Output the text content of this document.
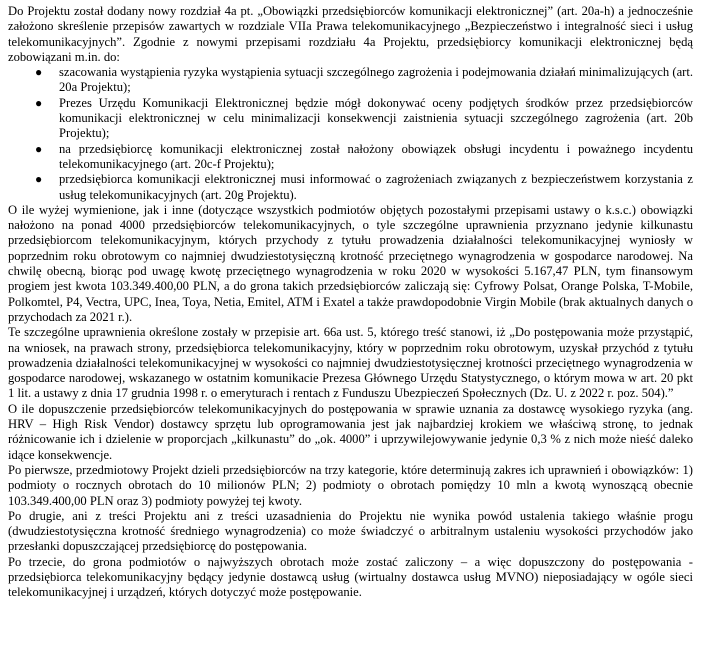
Do Projektu został dodany nowy rozdział 4a pt. „Obowiązki przedsiębiorców komunikacji elektronicznej” (art. 20a-h) a jednocześnie założono skreślenie przepisów zawartych w rozdziale VIIa Prawa telekomunikacyjnego „Bezpieczeństwo i integralność sieci i usług telekomunikacyjnych”. Zgodnie z nowymi przepisami rozdziału 4a Projektu, przedsiębiorcy komunikacji elektronicznej będą zobowiązani m.in. do:

● szacowania wystąpienia ryzyka wystąpienia sytuacji szczególnego zagrożenia i podejmowania działań minimalizujących (art. 20a Projektu);
● Prezes Urzędu Komunikacji Elektronicznej będzie mógł dokonywać oceny podjętych środków przez przedsiębiorców komunikacji elektronicznej w celu minimalizacji konsekwencji zaistnienia sytuacji szczególnego zagrożenia (art. 20b Projektu);
● na przedsiębiorcę komunikacji elektronicznej został nałożony obowiązek obsługi incydentu i poważnego incydentu telekomunikacyjnego (art. 20c-f Projektu);
● przedsiębiorca komunikacji elektronicznej musi informować o zagrożeniach związanych z bezpieczeństwem korzystania z usług telekomunikacyjnych (art. 20g Projektu).

O ile wyżej wymienione, jak i inne (dotyczące wszystkich podmiotów objętych pozostałymi przepisami ustawy o k.s.c.) obowiązki nałożono na ponad 4000 przedsiębiorców telekomunikacyjnych, o tyle szczególne uprawnienia przyznano jedynie kilkunastu przedsiębiorcom telekomunikacyjnym, których przychody z tytułu prowadzenia działalności telekomunikacyjnej wyniosły w poprzednim roku obrotowym co najmniej dwudziestotysięczną krotność przeciętnego wynagrodzenia w gospodarce narodowej. Na chwilę obecną, biorąc pod uwagę kwotę przeciętnego wynagrodzenia w roku 2020 w wysokości 5.167,47 PLN, tym finansowym progiem jest kwota 103.349.400,00 PLN, a do grona takich przedsiębiorców zaliczają się: Cyfrowy Polsat, Orange Polska, T-Mobile, Polkomtel, P4, Vectra, UPC, Inea, Toya, Netia, Emitel, ATM i Exatel a także prawdopodobnie Virgin Mobile (brak aktualnych danych o przychodach za 2021 r.).

Te szczególne uprawnienia określone zostały w przepisie art. 66a ust. 5, którego treść stanowi, iż „Do postępowania może przystąpić, na wniosek, na prawach strony, przedsiębiorca telekomunikacyjny, który w poprzednim roku obrotowym, uzyskał przychód z tytułu prowadzenia działalności telekomunikacyjnej w wysokości co najmniej dwudziestotysięcznej krotności przeciętnego wynagrodzenia w gospodarce narodowej, wskazanego w ostatnim komunikacie Prezesa Głównego Urzędu Statystycznego, o którym mowa w art. 20 pkt 1 lit. a ustawy z dnia 17 grudnia 1998 r. o emeryturach i rentach z Funduszu Ubezpieczeń Społecznych (Dz. U. z 2022 r. poz. 504).”

O ile dopuszczenie przedsiębiorców telekomunikacyjnych do postępowania w sprawie uznania za dostawcę wysokiego ryzyka (ang. HRV – High Risk Vendor) dostawcy sprzętu lub oprogramowania jest jak najbardziej krokiem we właściwą stronę, to jednak różnicowanie ich i dzielenie w proporcjach „kilkunastu” do „ok. 4000” i uprzywilejowywanie jedynie 0,3 % z nich może nieść daleko idące konsekwencje.

Po pierwsze, przedmiotowy Projekt dzieli przedsiębiorców na trzy kategorie, które determinują zakres ich uprawnień i obowiązków: 1) podmioty o rocznych obrotach do 10 milionów PLN; 2) podmioty o obrotach pomiędzy 10 mln a kwotą wynoszącą obecnie 103.349.400,00 PLN oraz 3) podmioty powyżej tej kwoty.

Po drugie, ani z treści Projektu ani z treści uzasadnienia do Projektu nie wynika powód ustalenia takiego właśnie progu (dwudziestotysięczna krotność średniego wynagrodzenia) co może świadczyć o arbitralnym ustaleniu wysokości przychodów jako przesłanki dopuszczającej przedsiębiorcę do postępowania.

Po trzecie, do grona podmiotów o najwyższych obrotach może zostać zaliczony – a więc dopuszczony do postępowania - przedsiębiorca telekomunikacyjny będący jedynie dostawcą usług (wirtualny dostawca usług MVNO) nieposiadający w ogóle sieci telekomunikacyjnej i urządzeń, których dotyczyć może postępowanie.
